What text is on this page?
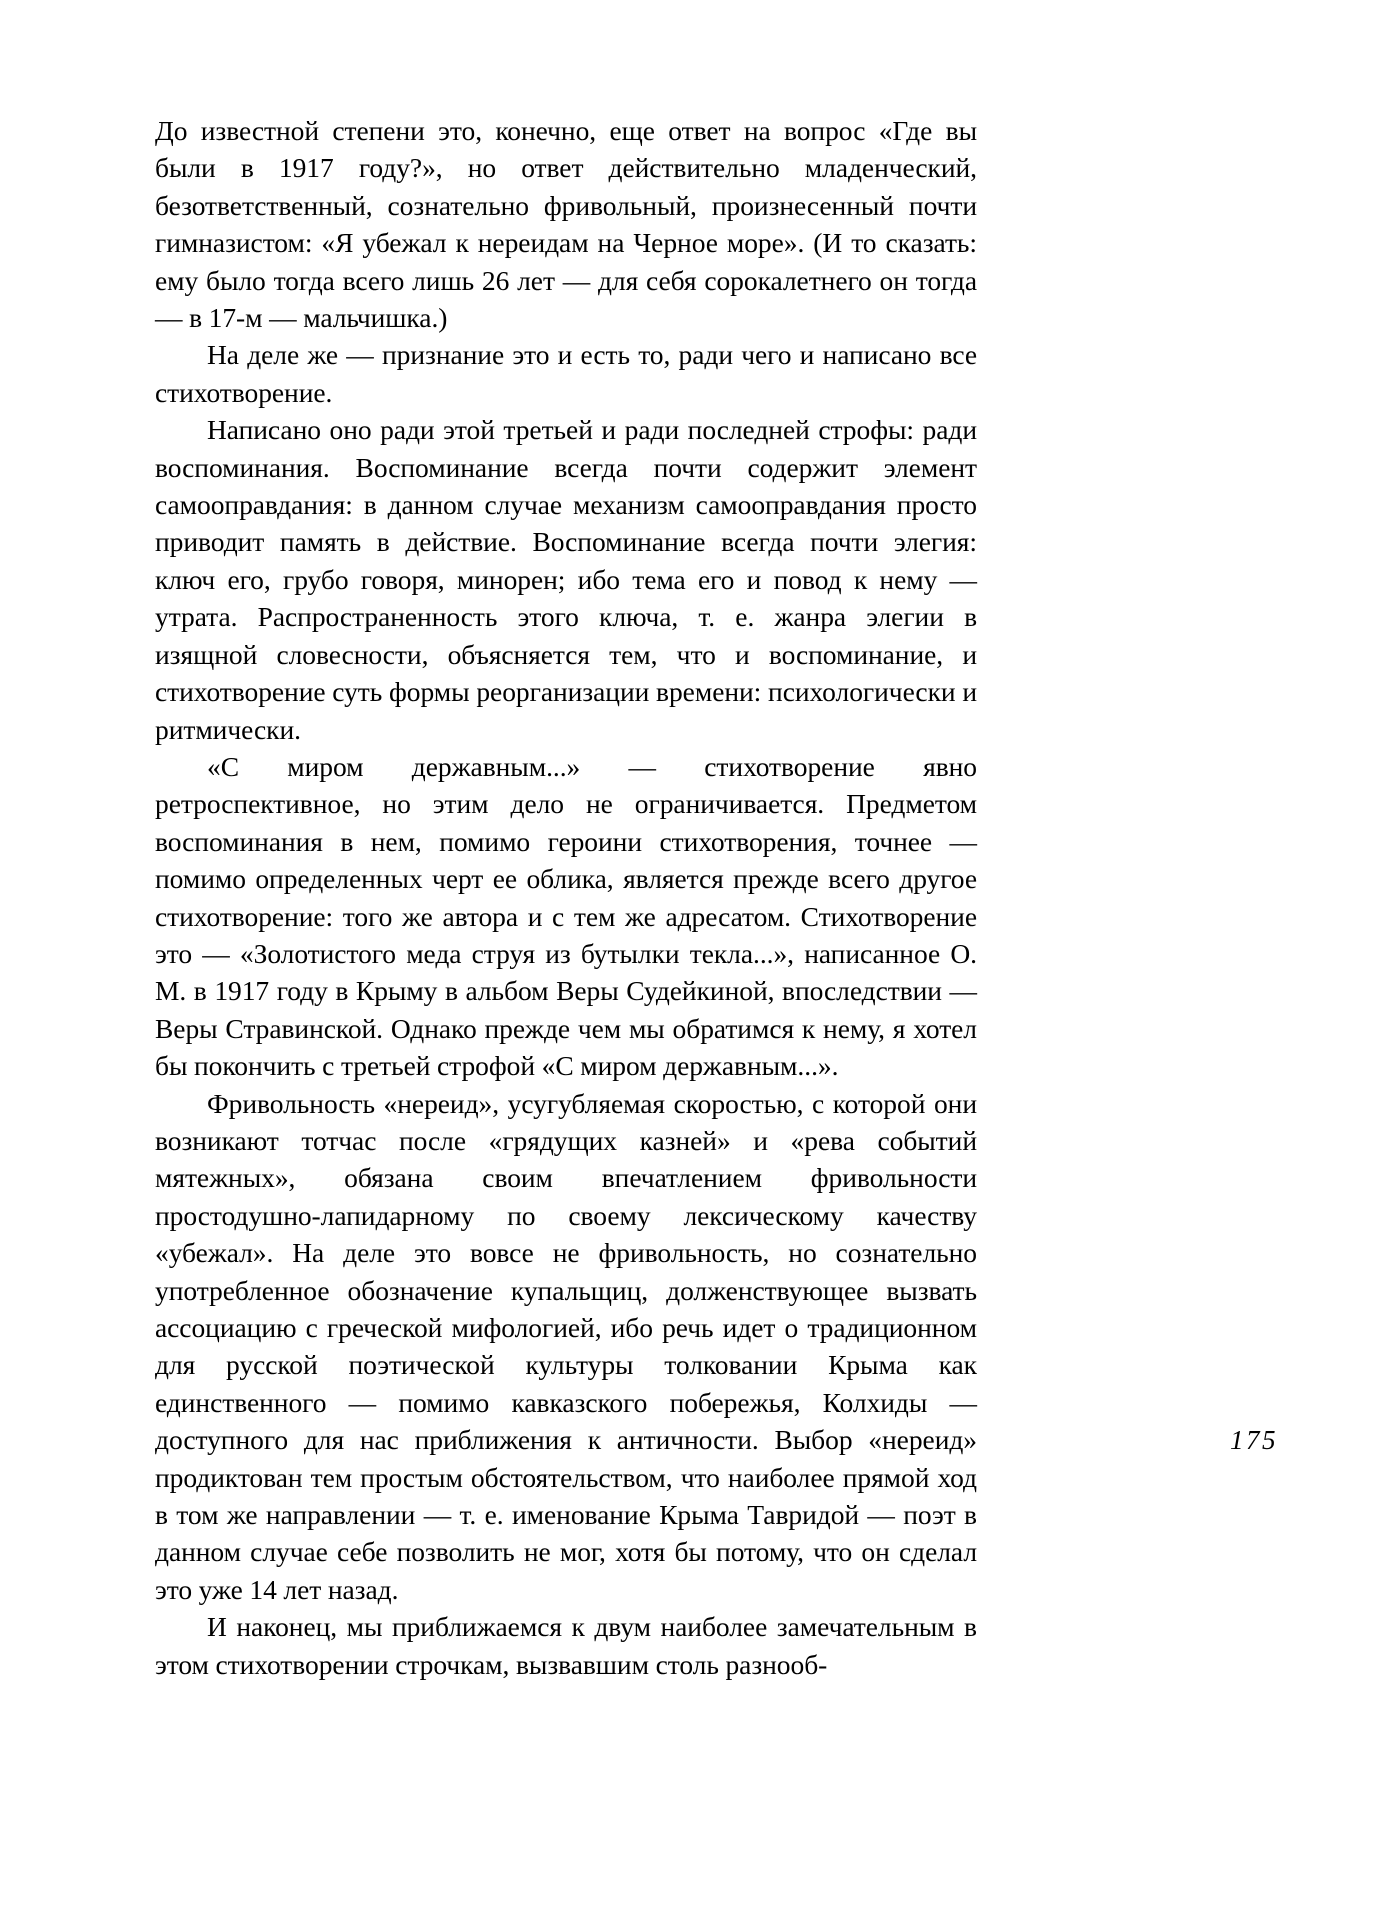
До известной степени это, конечно, еще ответ на вопрос «Где вы были в 1917 году?», но ответ действительно младенческий, безответственный, сознательно фривольный, произнесенный почти гимназистом: «Я убежал к нереидам на Черное море». (И то сказать: ему было тогда всего лишь 26 лет — для себя сорокалетнего он тогда — в 17-м — мальчишка.)

На деле же — признание это и есть то, ради чего и написано все стихотворение.

Написано оно ради этой третьей и ради последней строфы: ради воспоминания. Воспоминание всегда почти содержит элемент самооправдания: в данном случае механизм самооправдания просто приводит память в действие. Воспоминание всегда почти элегия: ключ его, грубо говоря, минорен; ибо тема его и повод к нему — утрата. Распространенность этого ключа, т. е. жанра элегии в изящной словесности, объясняется тем, что и воспоминание, и стихотворение суть формы реорганизации времени: психологически и ритмически.

«С миром державным...» — стихотворение явно ретроспективное, но этим дело не ограничивается. Предметом воспоминания в нем, помимо героини стихотворения, точнее — помимо определенных черт ее облика, является прежде всего другое стихотворение: того же автора и с тем же адресатом. Стихотворение это — «Золотистого меда струя из бутылки текла...», написанное О. М. в 1917 году в Крыму в альбом Веры Судейкиной, впоследствии — Веры Стравинской. Однако прежде чем мы обратимся к нему, я хотел бы покончить с третьей строфой «С миром державным...».

Фривольность «нереид», усугубляемая скоростью, с которой они возникают тотчас после «грядущих казней» и «рева событий мятежных», обязана своим впечатлением фривольности простодушно-лапидарному по своему лексическому качеству «убежал». На деле это вовсе не фривольность, но сознательно употребленное обозначение купальщиц, долженствующее вызвать ассоциацию с греческой мифологией, ибо речь идет о традиционном для русской поэтической культуры толковании Крыма как единственного — помимо кавказского побережья, Колхиды — доступного для нас приближения к античности. Выбор «нереид» продиктован тем простым обстоятельством, что наиболее прямой ход в том же направлении — т. е. именование Крыма Тавридой — поэт в данном случае себе позволить не мог, хотя бы потому, что он сделал это уже 14 лет назад.

И наконец, мы приближаемся к двум наиболее замечательным в этом стихотворении строчкам, вызвавшим столь разнооб-

175
